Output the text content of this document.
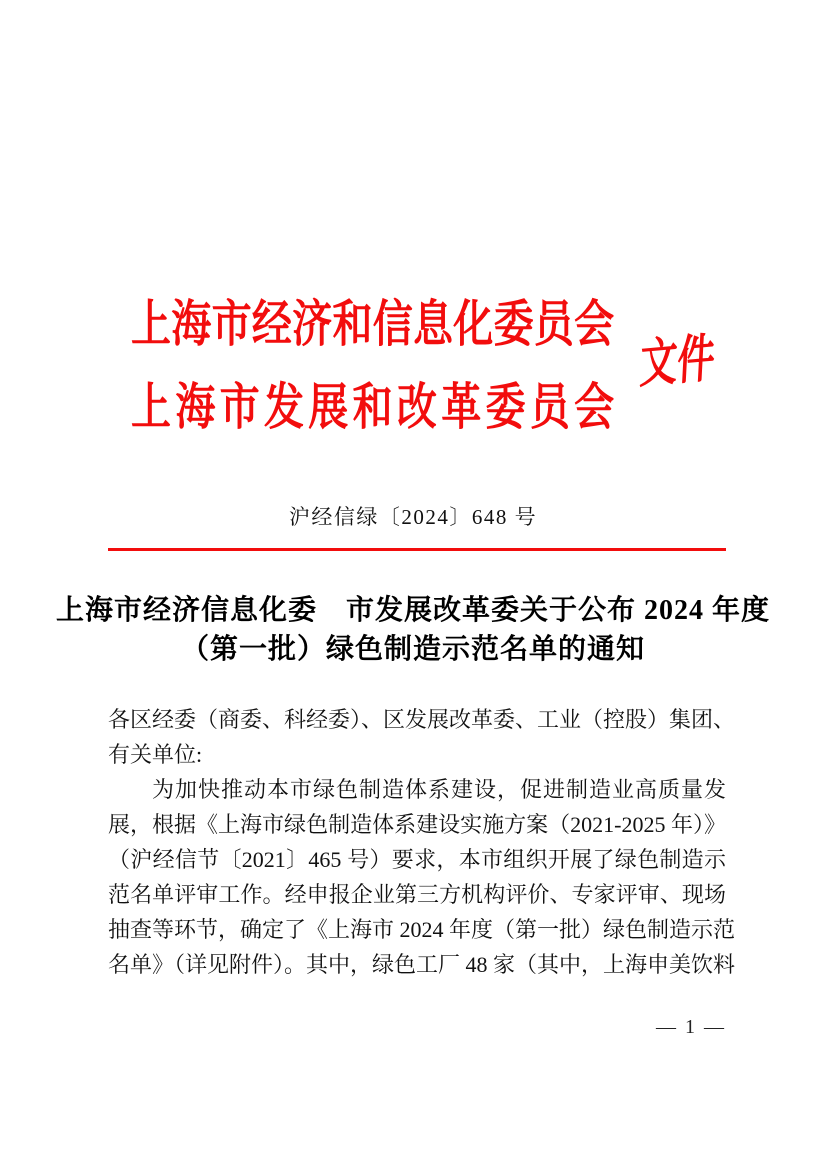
上 海 市 经 济 和 信 息 化 委 员 会
上 海 市 发 展 和 改 革 委 员 会
文件
沪经信绿〔2024〕648 号
上海市经济信息化委　市发展改革委关于公布 2024 年度
（第一批）绿色制造示范名单的通知
各区经委（商委、科经委）、区发展改革委、工业（控股）集团、
有关单位:
为加快推动本市绿色制造体系建设，促进制造业高质量发
展，根据《上海市绿色制造体系建设实施方案（2021-2025 年）》
（沪经信节〔2021〕465 号）要求，本市组织开展了绿色制造示
范名单评审工作。经申报企业第三方机构评价、专家评审、现场
抽查等环节，确定了《上海市 2024 年度（第一批）绿色制造示范
名单》（详见附件）。其中，绿色工厂 48 家（其中，上海申美饮料
— 1 —
